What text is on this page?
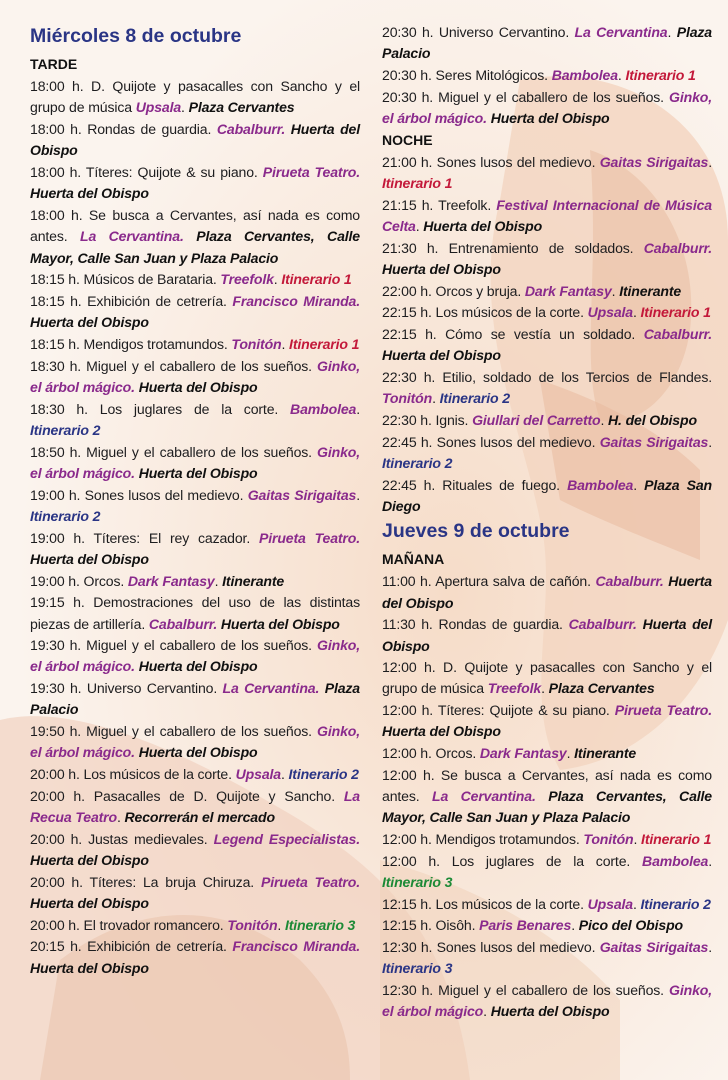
Miércoles 8 de octubre
TARDE
18:00 h. D. Quijote y pasacalles con Sancho y el grupo de música Upsala. Plaza Cervantes
18:00 h. Rondas de guardia. Cabalburr. Huerta del Obispo
18:00 h. Títeres: Quijote & su piano. Pirueta Teatro. Huerta del Obispo
18:00 h. Se busca a Cervantes, así nada es como antes. La Cervantina. Plaza Cervantes, Calle Mayor, Calle San Juan y Plaza Palacio
18:15 h. Músicos de Barataria. Treefolk. Itinerario 1
18:15 h. Exhibición de cetrería. Francisco Miranda. Huerta del Obispo
18:15 h. Mendigos trotamundos. Tonitón. Itinerario 1
18:30 h. Miguel y el caballero de los sueños. Ginko, el árbol mágico. Huerta del Obispo
18:30 h. Los juglares de la corte. Bambolea. Itinerario 2
18:50 h. Miguel y el caballero de los sueños. Ginko, el árbol mágico. Huerta del Obispo
19:00 h. Sones lusos del medievo. Gaitas Sirigaitas. Itinerario 2
19:00 h. Títeres: El rey cazador. Pirueta Teatro. Huerta del Obispo
19:00 h. Orcos. Dark Fantasy. Itinerante
19:15 h. Demostraciones del uso de las distintas piezas de artillería. Cabalburr. Huerta del Obispo
19:30 h. Miguel y el caballero de los sueños. Ginko, el árbol mágico. Huerta del Obispo
19:30 h. Universo Cervantino. La Cervantina. Plaza Palacio
19:50 h. Miguel y el caballero de los sueños. Ginko, el árbol mágico. Huerta del Obispo
20:00 h. Los músicos de la corte. Upsala. Itinerario 2
20:00 h. Pasacalles de D. Quijote y Sancho. La Recua Teatro. Recorrerán el mercado
20:00 h. Justas medievales. Legend Especialistas. Huerta del Obispo
20:00 h. Títeres: La bruja Chiruza. Pirueta Teatro. Huerta del Obispo
20:00 h. El trovador romancero. Tonitón. Itinerario 3
20:15 h. Exhibición de cetrería. Francisco Miranda. Huerta del Obispo
20:30 h. Universo Cervantino. La Cervantina. Plaza Palacio
20:30 h. Seres Mitológicos. Bambolea. Itinerario 1
20:30 h. Miguel y el caballero de los sueños. Ginko, el árbol mágico. Huerta del Obispo
NOCHE
21:00 h. Sones lusos del medievo. Gaitas Sirigaitas. Itinerario 1
21:15 h. Treefolk. Festival Internacional de Música Celta. Huerta del Obispo
21:30 h. Entrenamiento de soldados. Cabalburr. Huerta del Obispo
22:00 h. Orcos y bruja. Dark Fantasy. Itinerante
22:15 h. Los músicos de la corte. Upsala. Itinerario 1
22:15 h. Cómo se vestía un soldado. Cabalburr. Huerta del Obispo
22:30 h. Etilio, soldado de los Tercios de Flandes. Tonitón. Itinerario 2
22:30 h. Ignis. Giullari del Carretto. H. del Obispo
22:45 h. Sones lusos del medievo. Gaitas Sirigaitas. Itinerario 2
22:45 h. Rituales de fuego. Bambolea. Plaza San Diego
Jueves 9 de octubre
MAÑANA
11:00 h. Apertura salva de cañón. Cabalburr. Huerta del Obispo
11:30 h. Rondas de guardia. Cabalburr. Huerta del Obispo
12:00 h. D. Quijote y pasacalles con Sancho y el grupo de música Treefolk. Plaza Cervantes
12:00 h. Títeres: Quijote & su piano. Pirueta Teatro. Huerta del Obispo
12:00 h. Orcos. Dark Fantasy. Itinerante
12:00 h. Se busca a Cervantes, así nada es como antes. La Cervantina. Plaza Cervantes, Calle Mayor, Calle San Juan y Plaza Palacio
12:00 h. Mendigos trotamundos. Tonitón. Itinerario 1
12:00 h. Los juglares de la corte. Bambolea. Itinerario 3
12:15 h. Los músicos de la corte. Upsala. Itinerario 2
12:15 h. Oisôh. Paris Benares. Pico del Obispo
12:30 h. Sones lusos del medievo. Gaitas Sirigaitas. Itinerario 3
12:30 h. Miguel y el caballero de los sueños. Ginko, el árbol mágico. Huerta del Obispo
